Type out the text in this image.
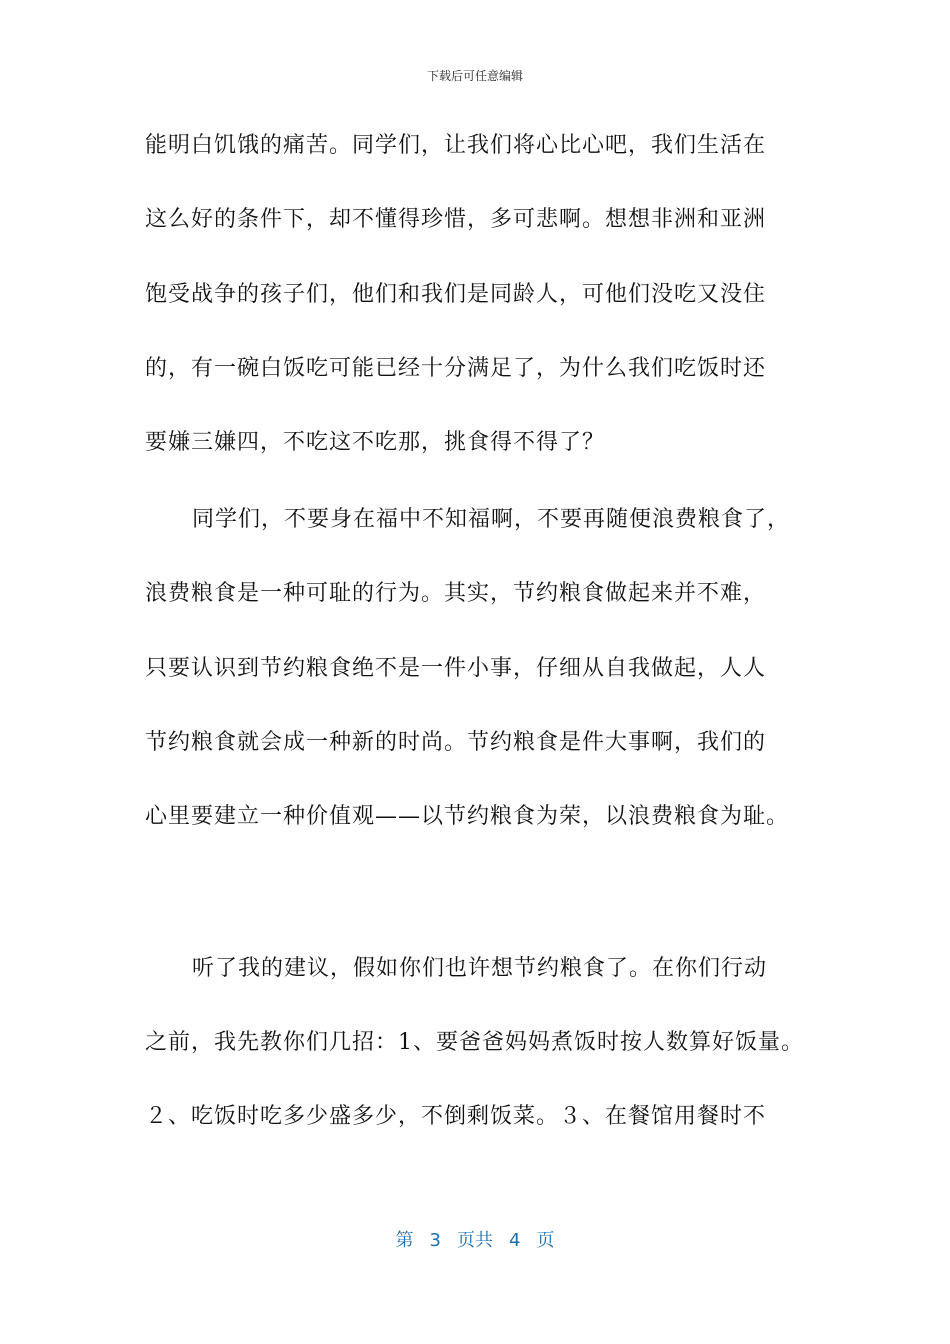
下载后可任意编辑
能明白饥饿的痛苦。同学们，让我们将心比心吧，我们生活在
这么好的条件下，却不懂得珍惜，多可悲啊。想想非洲和亚洲
饱受战争的孩子们，他们和我们是同龄人，可他们没吃又没住
的，有一碗白饭吃可能已经十分满足了，为什么我们吃饭时还
要嫌三嫌四，不吃这不吃那，挑食得不得了？
同学们，不要身在福中不知福啊，不要再随便浪费粮食了，
浪费粮食是一种可耻的行为。其实，节约粮食做起来并不难，
只要认识到节约粮食绝不是一件小事，仔细从自我做起，人人
节约粮食就会成一种新的时尚。节约粮食是件大事啊，我们的
心里要建立一种价值观——以节约粮食为荣，以浪费粮食为耻。
听了我的建议，假如你们也许想节约粮食了。在你们行动
之前，我先教你们几招：1、要爸爸妈妈煮饭时按人数算好饭量。
２、吃饭时吃多少盛多少，不倒剩饭菜。３、在餐馆用餐时不
第 3 页共 4 页
